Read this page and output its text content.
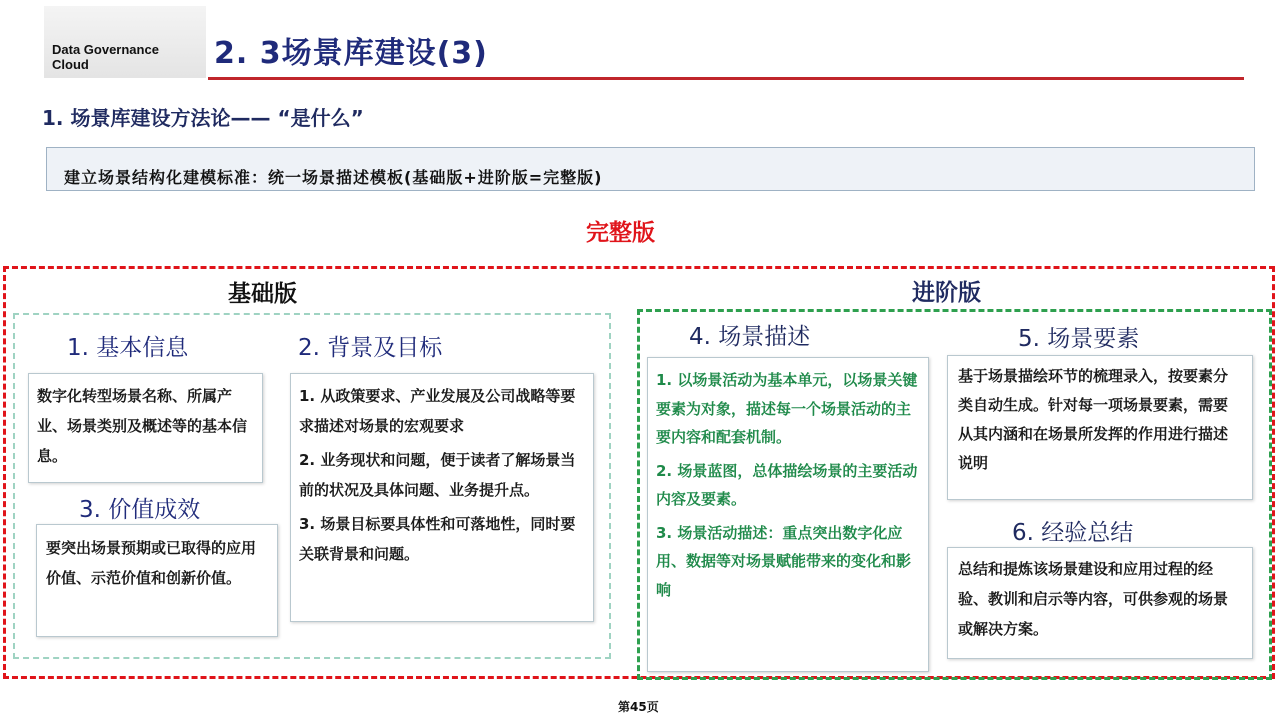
Data Governance
Cloud	2. 3场景库建设(3)
1. 场景库建设方法论—— “是什么”
建立场景结构化建模标准：统一场景描述模板(基础版+进阶版=完整版)
完整版
基础版	进阶版
1. 基本信息
数字化转型场景名称、所属产业、场景类别及概述等的基本信息。
2. 背景及目标
1. 从政策要求、产业发展及公司战略等要求描述对场景的宏观要求
2. 业务现状和问题，便于读者了解场景当前的状况及具体问题、业务提升点。
3. 场景目标要具体性和可落地性，同时要关联背景和问题。
3. 价值成效
要突出场景预期或已取得的应用价值、示范价值和创新价值。
4. 场景描述
1. 以场景活动为基本单元，以场景关键要素为对象，描述每一个场景活动的主要内容和配套机制。
2. 场景蓝图，总体描绘场景的主要活动内容及要素。
3. 场景活动描述：重点突出数字化应用、数据等对场景赋能带来的变化和影响
5. 场景要素
基于场景描绘环节的梳理录入，按要素分类自动生成。针对每一项场景要素，需要从其内涵和在场景所发挥的作用进行描述说明
6. 经验总结
总结和提炼该场景建设和应用过程的经验、教训和启示等内容，可供参观的场景或解决方案。
第45页
